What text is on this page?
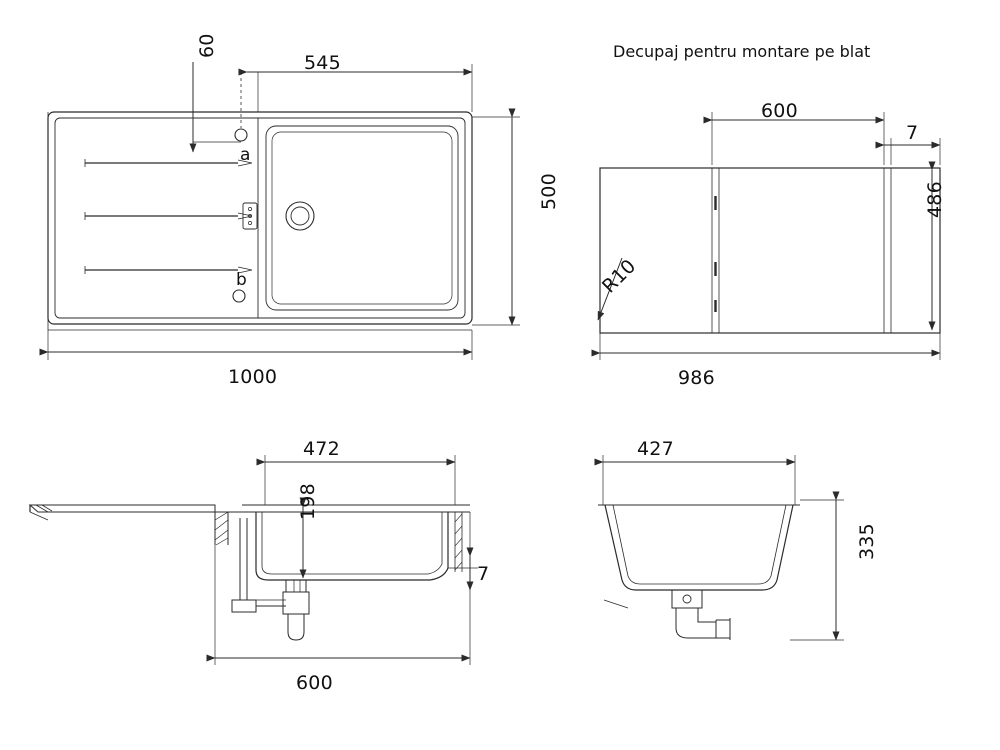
Decupaj pentru montare pe blat
60
545
500
1000
a
b
600
7
486
986
R10
472
198
7
600
427
335
